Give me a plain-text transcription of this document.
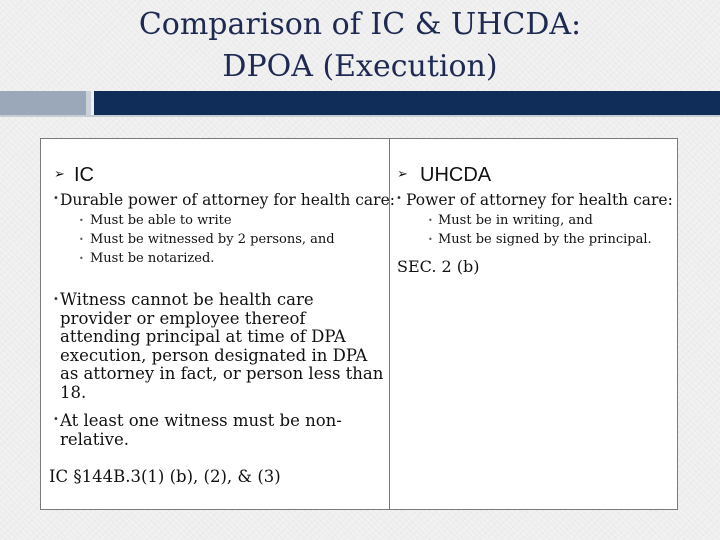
Comparison of IC & UHCDA:
DPOA (Execution)
➢ IC
• Durable power of attorney for health care:
• Must be able to write
• Must be witnessed by 2 persons, and
• Must be notarized.
• Witness cannot be health care provider or employee thereof attending principal at time of DPA execution, person designated in DPA as attorney in fact, or person less than 18.
• At least one witness must be non-relative.
IC §144B.3(1) (b), (2), & (3)
➢ UHCDA
• Power of attorney for health care:
• Must be in writing, and
• Must be signed by the principal.
SEC. 2 (b)
